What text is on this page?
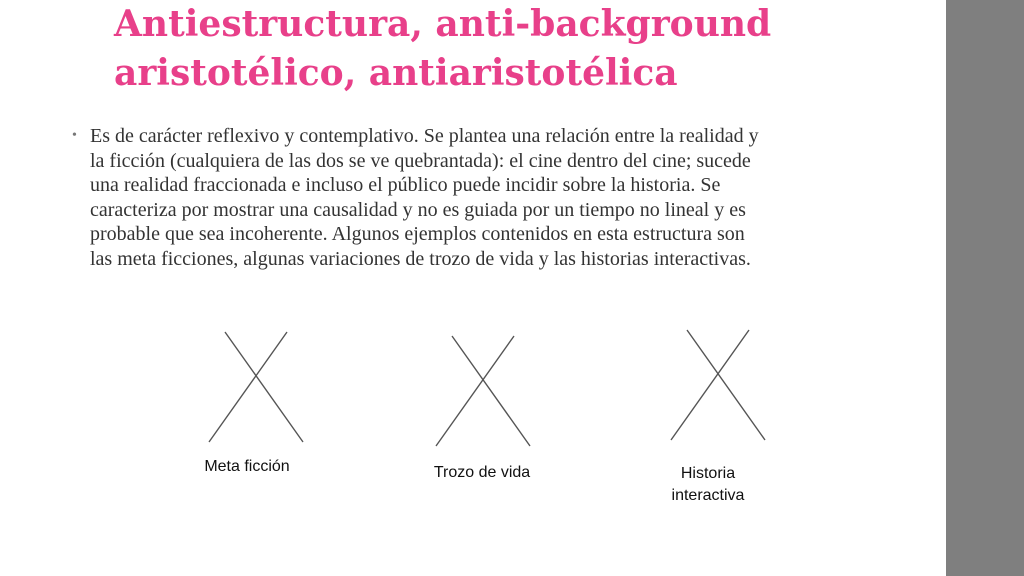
Antiestructura, anti-background
aristotélico, antiaristotélica
• Es de carácter reflexivo y contemplativo. Se plantea una relación entre la realidad y
la ficción (cualquiera de las dos se ve quebrantada): el cine dentro del cine; sucede
una realidad fraccionada e incluso el público puede incidir sobre la historia. Se
caracteriza por mostrar una causalidad y no es guiada por un tiempo no lineal y es
probable que sea incoherente. Algunos ejemplos contenidos en esta estructura son
las meta ficciones, algunas variaciones de trozo de vida y las historias interactivas.

Meta ficción	Trozo de vida	Historia
interactiva
